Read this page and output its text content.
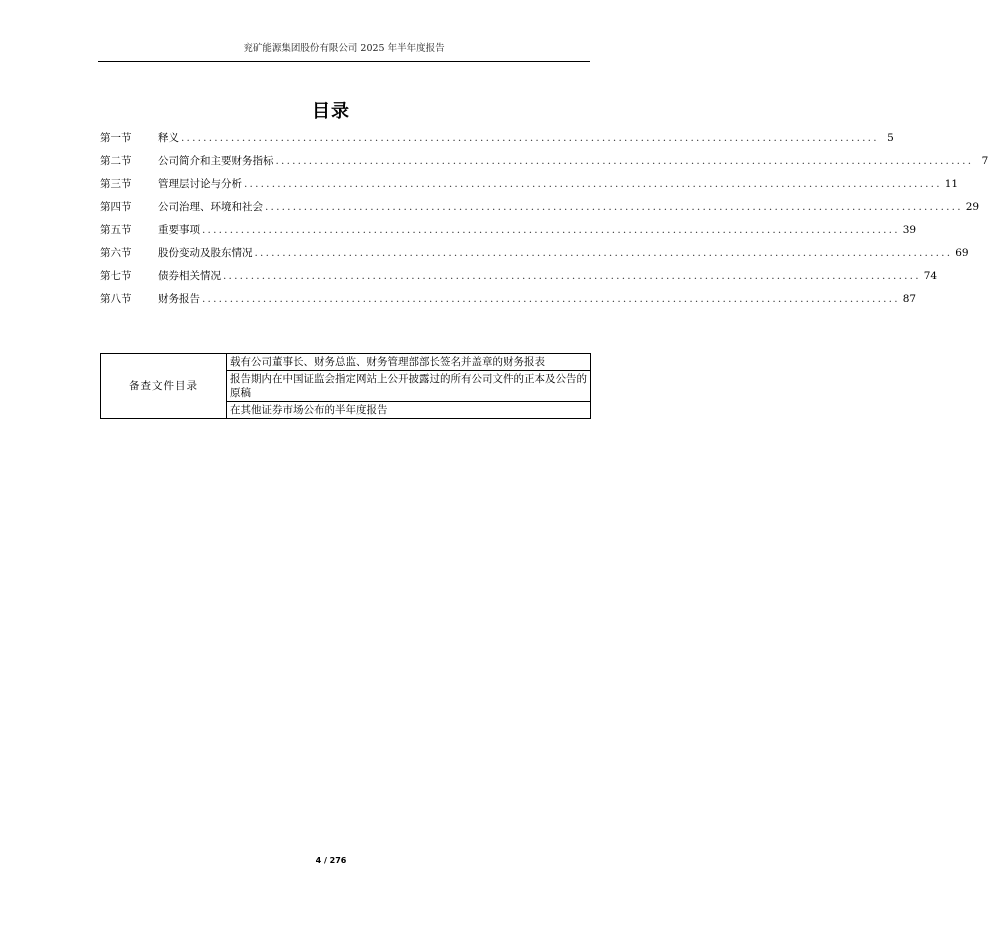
兖矿能源集团股份有限公司 2025 年半年度报告
目录
第一节	释义 .............................................................................................................................. 5
第二节	公司简介和主要财务指标 .............................................................................................................................. 7
第三节	管理层讨论与分析 .............................................................................................................................. 11
第四节	公司治理、环境和社会 .............................................................................................................................. 29
第五节	重要事项 .............................................................................................................................. 39
第六节	股份变动及股东情况 .............................................................................................................................. 69
第七节	债券相关情况 .............................................................................................................................. 74
第八节	财务报告 .............................................................................................................................. 87
备查文件目录	载有公司董事长、财务总监、财务管理部部长签名并盖章的财务报表
报告期内在中国证监会指定网站上公开披露过的所有公司文件的正本及公告的原稿
在其他证券市场公布的半年度报告
4 / 276
